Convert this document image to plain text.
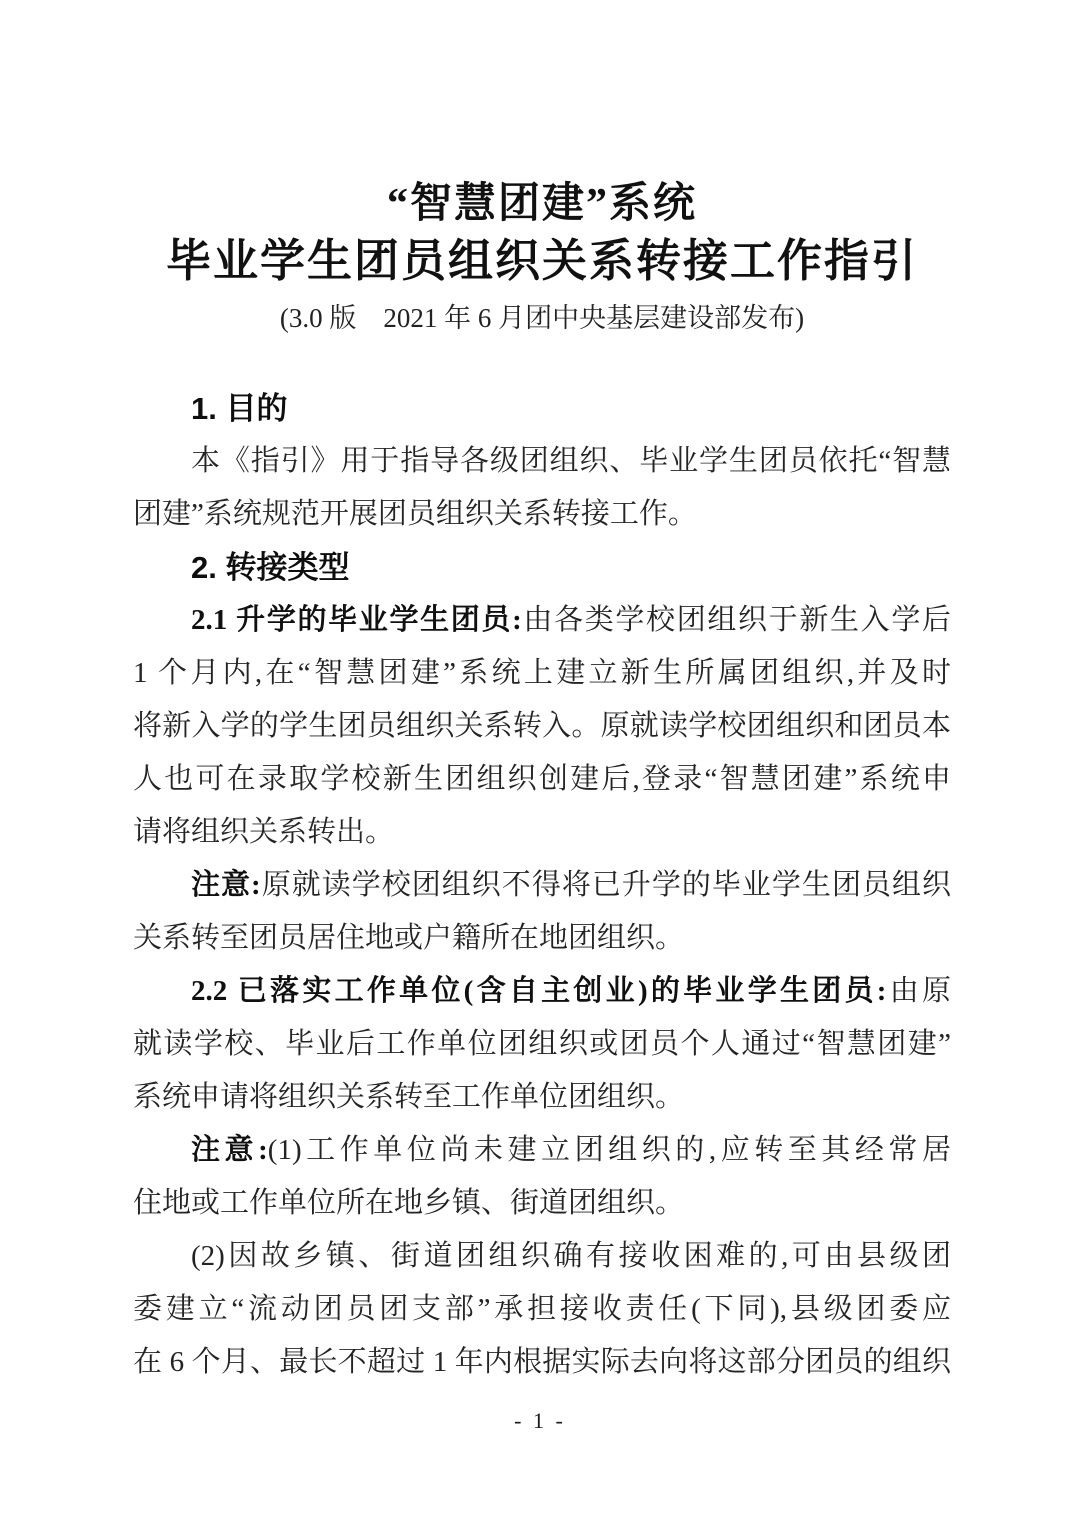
“智慧团建”系统

毕业学生团员组织关系转接工作指引

(3.0 版　2021 年 6 月团中央基层建设部发布)

1. 目的

本《指引》用于指导各级团组织、毕业学生团员依托“智慧

团建”系统规范开展团员组织关系转接工作。

2. 转接类型

2.1 升学的毕业学生团员:由各类学校团组织于新生入学后

1 个月内,在“智慧团建”系统上建立新生所属团组织,并及时

将新入学的学生团员组织关系转入。原就读学校团组织和团员本

人也可在录取学校新生团组织创建后,登录“智慧团建”系统申

请将组织关系转出。

注意:原就读学校团组织不得将已升学的毕业学生团员组织

关系转至团员居住地或户籍所在地团组织。

2.2 已落实工作单位(含自主创业)的毕业学生团员:由原

就读学校、毕业后工作单位团组织或团员个人通过“智慧团建”

系统申请将组织关系转至工作单位团组织。

注意:(1)工作单位尚未建立团组织的,应转至其经常居

住地或工作单位所在地乡镇、街道团组织。

(2)因故乡镇、街道团组织确有接收困难的,可由县级团

委建立“流动团员团支部”承担接收责任(下同),县级团委应

在 6 个月、最长不超过 1 年内根据实际去向将这部分团员的组织

- 1 -
